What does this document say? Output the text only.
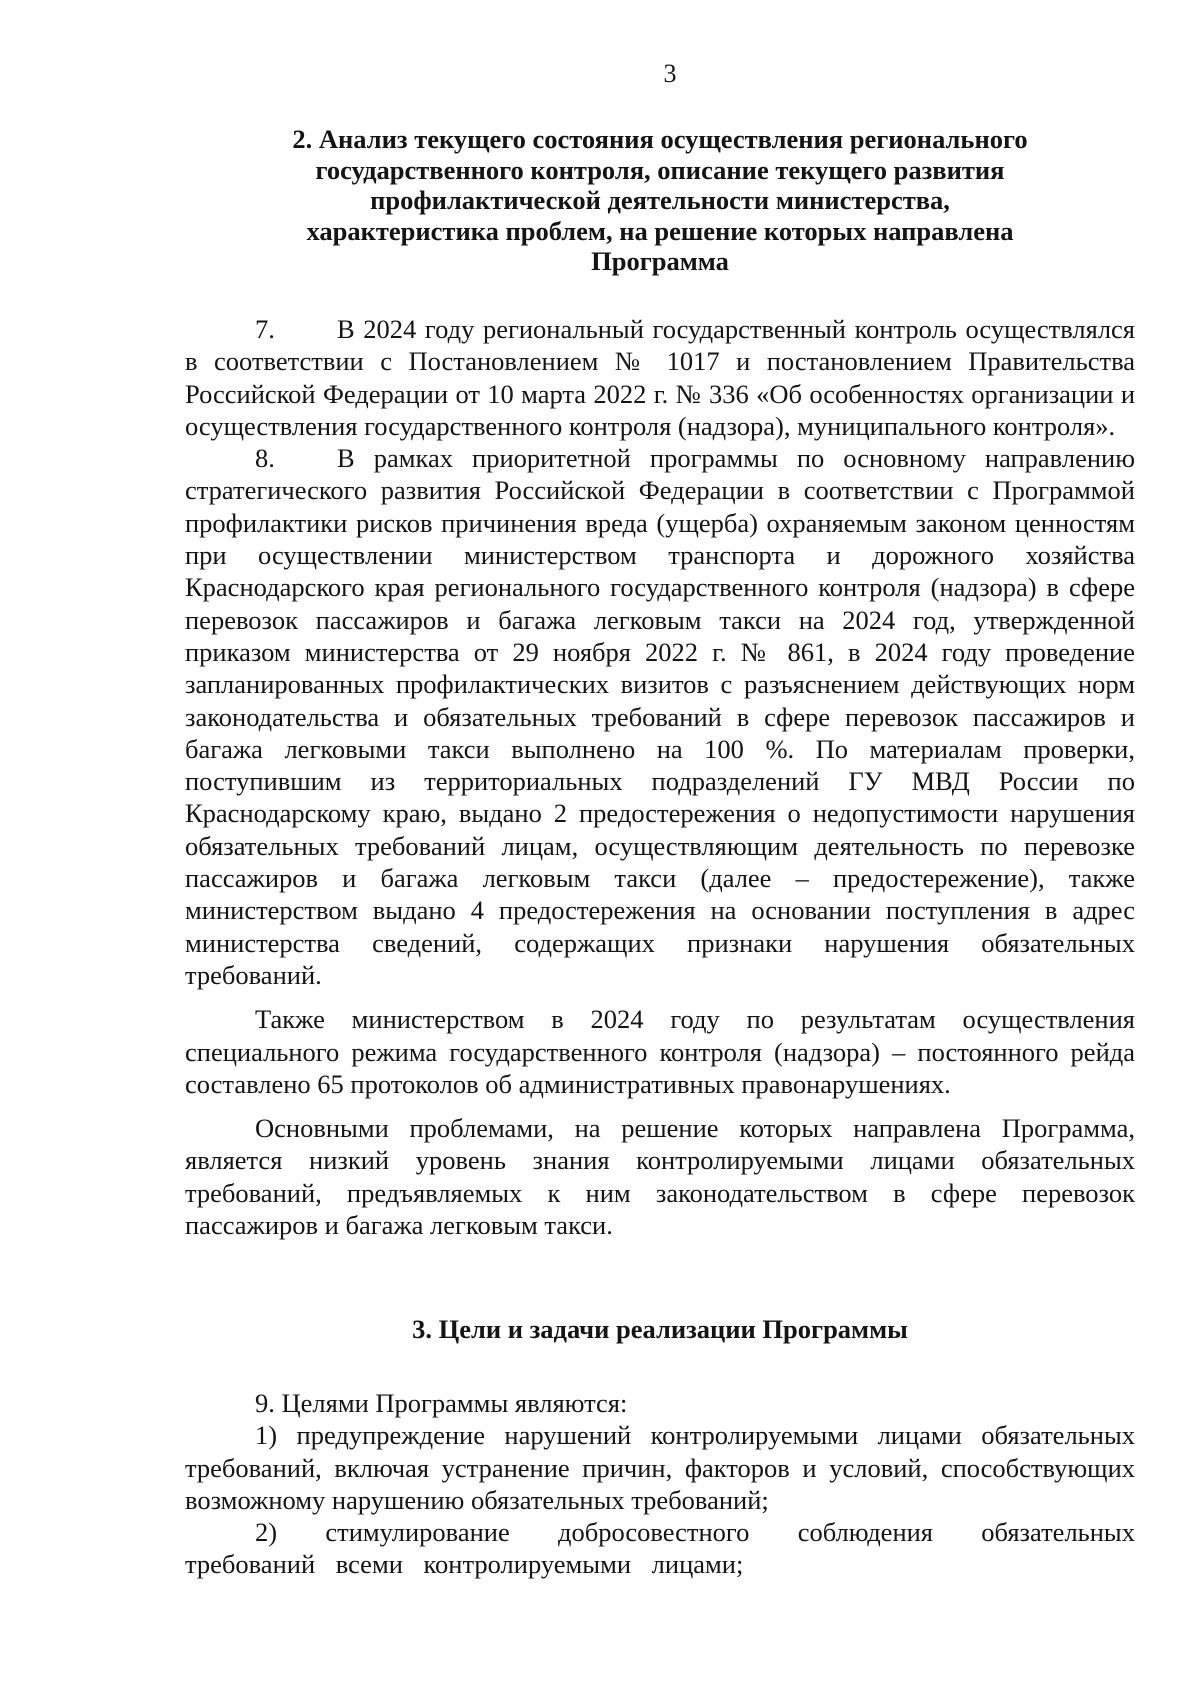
3
2. Анализ текущего состояния осуществления регионального
государственного контроля, описание текущего развития
профилактической деятельности министерства,
характеристика проблем, на решение которых направлена
Программа

7. В 2024 году региональный государственный контроль осуществлялся в соответствии с Постановлением № 1017 и постановлением Правительства Российской Федерации от 10 марта 2022 г. № 336 «Об особенностях организации и осуществления государственного контроля (надзора), муниципального контроля».

8. В рамках приоритетной программы по основному направлению стратегического развития Российской Федерации в соответствии с Программой профилактики рисков причинения вреда (ущерба) охраняемым законом ценностям при осуществлении министерством транспорта и дорожного хозяйства Краснодарского края регионального государственного контроля (надзора) в сфере перевозок пассажиров и багажа легковым такси на 2024 год, утвержденной приказом министерства от 29 ноября 2022 г. № 861, в 2024 году проведение запланированных профилактических визитов с разъяснением действующих норм законодательства и обязательных требований в сфере перевозок пассажиров и багажа легковыми такси выполнено на 100 %. По материалам проверки, поступившим из территориальных подразделений ГУ МВД России по Краснодарскому краю, выдано 2 предостережения о недопустимости нарушения обязательных требований лицам, осуществляющим деятельность по перевозке пассажиров и багажа легковым такси (далее – предостережение), также министерством выдано 4 предостережения на основании поступления в адрес министерства сведений, содержащих признаки нарушения обязательных требований.

Также министерством в 2024 году по результатам осуществления специального режима государственного контроля (надзора) – постоянного рейда составлено 65 протоколов об административных правонарушениях.

Основными проблемами, на решение которых направлена Программа, является низкий уровень знания контролируемыми лицами обязательных требований, предъявляемых к ним законодательством в сфере перевозок пассажиров и багажа легковым такси.

3. Цели и задачи реализации Программы

9. Целями Программы являются:

1) предупреждение нарушений контролируемыми лицами обязательных требований, включая устранение причин, факторов и условий, способствующих возможному нарушению обязательных требований;

2) стимулирование добросовестного соблюдения обязательных требований всеми контролируемыми лицами;
